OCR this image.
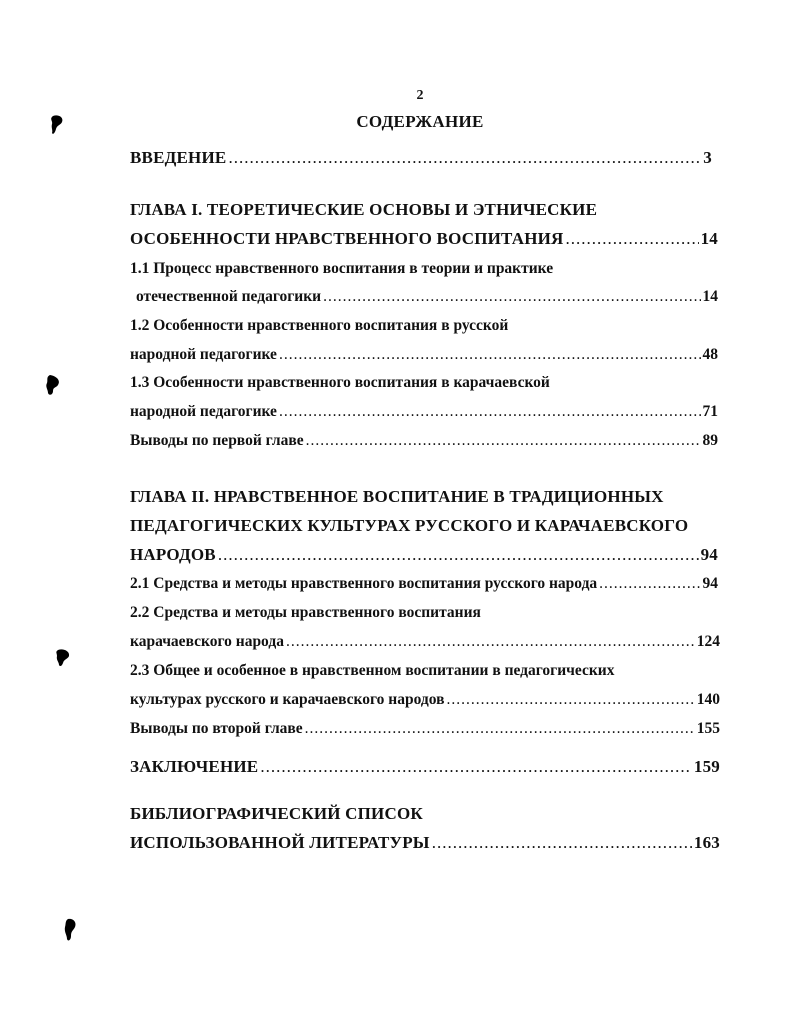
2
СОДЕРЖАНИЕ
ВВЕДЕНИЕ .....	3
ГЛАВА I. ТЕОРЕТИЧЕСКИЕ ОСНОВЫ И ЭТНИЧЕСКИЕ
ОСОБЕННОСТИ НРАВСТВЕННОГО ВОСПИТАНИЯ .....	14
1.1 Процесс нравственного воспитания в теории и практике
отечественной педагогики .....	14
1.2 Особенности нравственного воспитания в русской
народной педагогике .....	48
1.3 Особенности нравственного воспитания в карачаевской
народной педагогике .....	71
Выводы по первой главе .....	89
ГЛАВА II. НРАВСТВЕННОЕ ВОСПИТАНИЕ В ТРАДИЦИОННЫХ
ПЕДАГОГИЧЕСКИХ КУЛЬТУРАХ РУССКОГО И КАРАЧАЕВСКОГО
НАРОДОВ .....	94
2.1 Средства и методы нравственного воспитания русского народа .....	94
2.2 Средства и методы нравственного воспитания
карачаевского народа .....	124
2.3 Общее и особенное в нравственном воспитании в педагогических
культурах русского и карачаевского народов .....	140
Выводы по второй главе .....	155
ЗАКЛЮЧЕНИЕ .....	159
БИБЛИОГРАФИЧЕСКИЙ СПИСОК
ИСПОЛЬЗОВАННОЙ ЛИТЕРАТУРЫ .....	163
